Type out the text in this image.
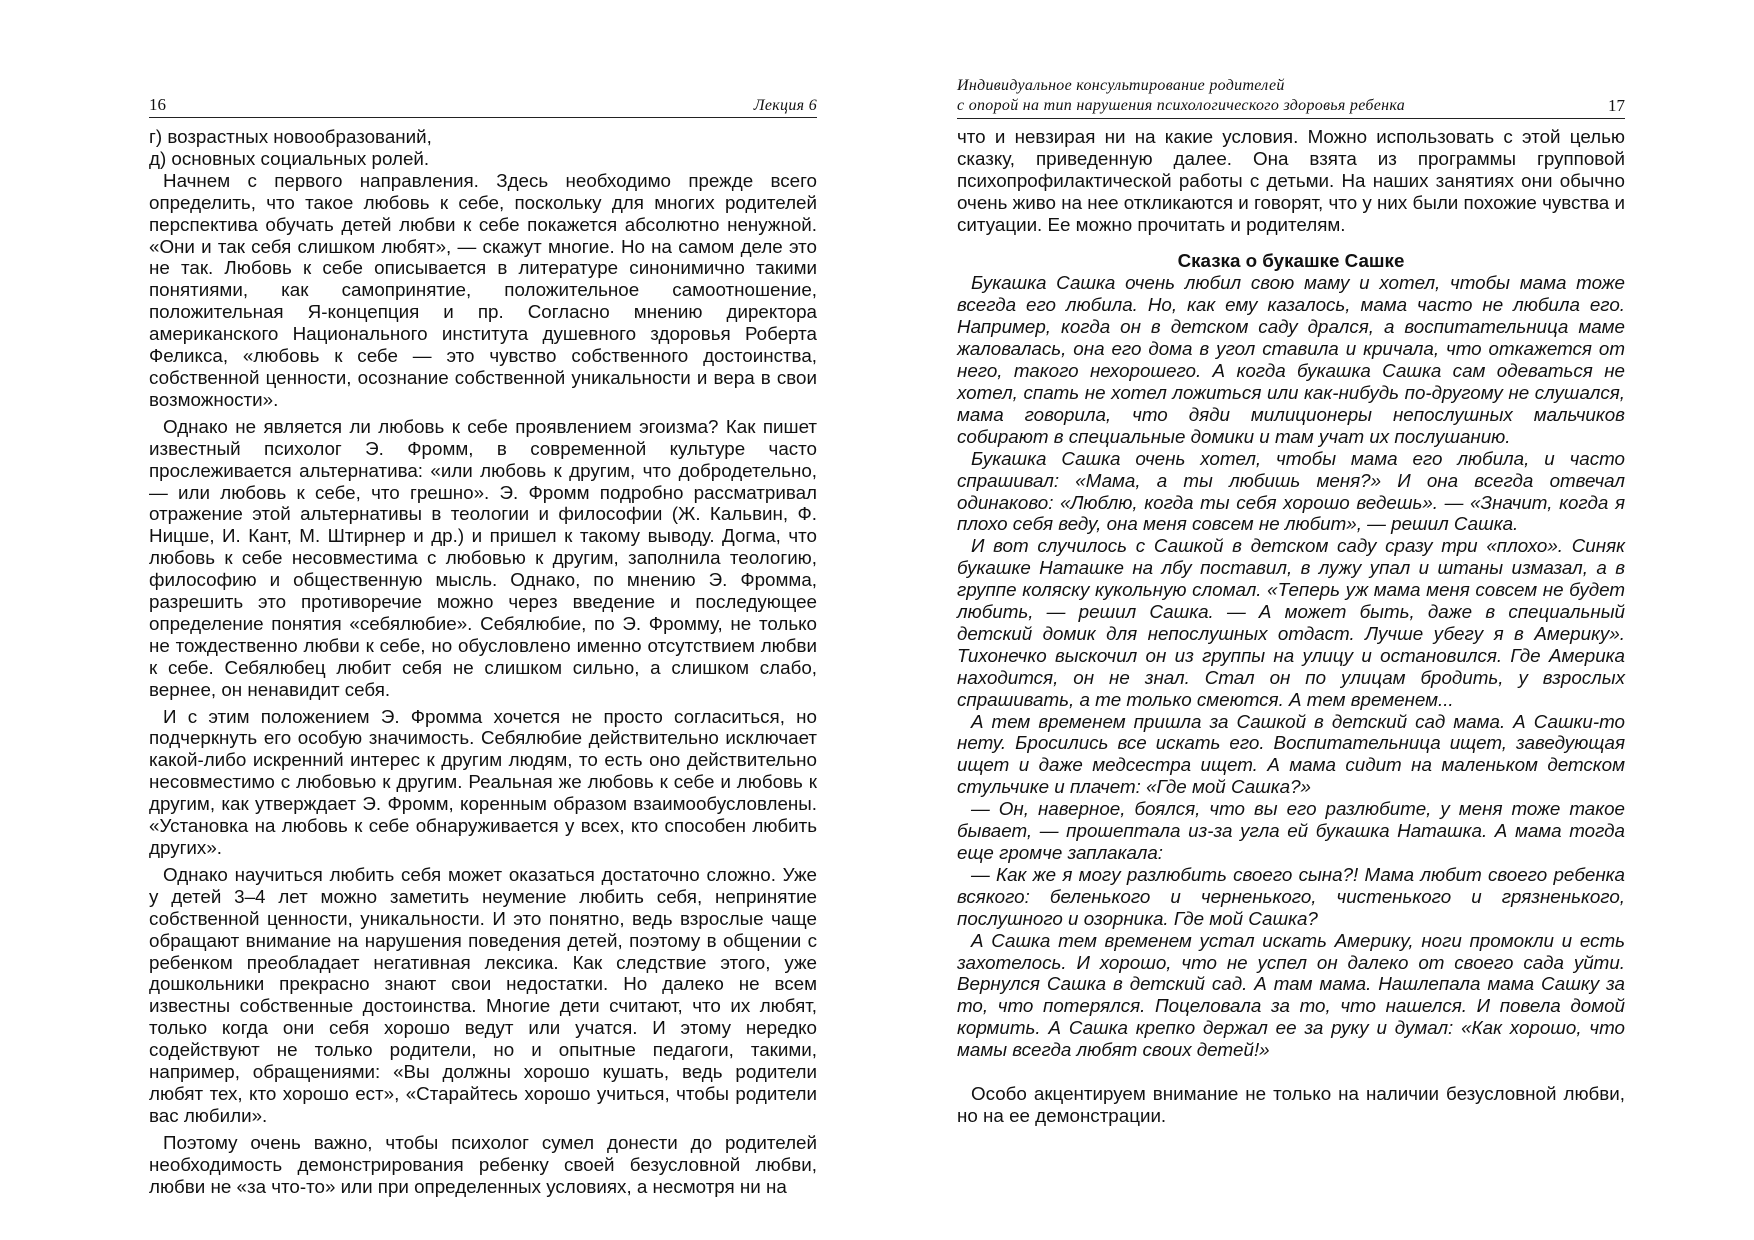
16	Лекция 6

г) возрастных новообразований,

д) основных социальных ролей.

Начнем с первого направления. Здесь необходимо прежде всего определить, что такое любовь к себе, поскольку для многих родителей перспектива обучать детей любви к себе покажется абсолютно ненужной. «Они и так себя слишком любят», — скажут многие. Но на самом деле это не так. Любовь к себе описывается в литературе синонимично такими понятиями, как самопринятие, положительное самоотношение, положительная Я-концепция и пр. Согласно мнению директора американского Национального института душевного здоровья Роберта Феликса, «любовь к себе — это чувство собственного достоинства, собственной ценности, осознание собственной уникальности и вера в свои возможности».

Однако не является ли любовь к себе проявлением эгоизма? Как пишет известный психолог Э. Фромм, в современной культуре часто прослеживается альтернатива: «или любовь к другим, что добродетельно, — или любовь к себе, что грешно». Э. Фромм подробно рассматривал отражение этой альтернативы в теологии и философии (Ж. Кальвин, Ф. Ницше, И. Кант, М. Штирнер и др.) и пришел к такому выводу. Догма, что любовь к себе несовместима с любовью к другим, заполнила теологию, философию и общественную мысль. Однако, по мнению Э. Фромма, разрешить это противоречие можно через введение и последующее определение понятия «себялюбие». Себялюбие, по Э. Фромму, не только не тождественно любви к себе, но обусловлено именно отсутствием любви к себе. Себялюбец любит себя не слишком сильно, а слишком слабо, вернее, он ненавидит себя.

И с этим положением Э. Фромма хочется не просто согласиться, но подчеркнуть его особую значимость. Себялюбие действительно исключает какой-либо искренний интерес к другим людям, то есть оно действительно несовместимо с любовью к другим. Реальная же любовь к себе и любовь к другим, как утверждает Э. Фромм, коренным образом взаимообусловлены. «Установка на любовь к себе обнаруживается у всех, кто способен любить других».

Однако научиться любить себя может оказаться достаточно сложно. Уже у детей 3–4 лет можно заметить неумение любить себя, непринятие собственной ценности, уникальности. И это понятно, ведь взрослые чаще обращают внимание на нарушения поведения детей, поэтому в общении с ребенком преобладает негативная лексика. Как следствие этого, уже дошкольники прекрасно знают свои недостатки. Но далеко не всем известны собственные достоинства. Многие дети считают, что их любят, только когда они себя хорошо ведут или учатся. И этому нередко содействуют не только родители, но и опытные педагоги, такими, например, обращениями: «Вы должны хорошо кушать, ведь родители любят тех, кто хорошо ест», «Старайтесь хорошо учиться, чтобы родители вас любили».

Поэтому очень важно, чтобы психолог сумел донести до родителей необходимость демонстрирования ребенку своей безусловной любви, любви не «за что-то» или при определенных условиях, а несмотря ни на

Индивидуальное консультирование родителей
с опорой на тип нарушения психологического здоровья ребенка	17

что и невзирая ни на какие условия. Можно использовать с этой целью сказку, приведенную далее. Она взята из программы групповой психопрофилактической работы с детьми. На наших занятиях они обычно очень живо на нее откликаются и говорят, что у них были похожие чувства и ситуации. Ее можно прочитать и родителям.

Сказка о букашке Сашке

Букашка Сашка очень любил свою маму и хотел, чтобы мама тоже всегда его любила. Но, как ему казалось, мама часто не любила его. Например, когда он в детском саду дрался, а воспитательница маме жаловалась, она его дома в угол ставила и кричала, что откажется от него, такого нехорошего. А когда букашка Сашка сам одеваться не хотел, спать не хотел ложиться или как-нибудь по-другому не слушался, мама говорила, что дяди милиционеры непослушных мальчиков собирают в специальные домики и там учат их послушанию.

Букашка Сашка очень хотел, чтобы мама его любила, и часто спрашивал: «Мама, а ты любишь меня?» И она всегда отвечал одинаково: «Люблю, когда ты себя хорошо ведешь». — «Значит, когда я плохо себя веду, она меня совсем не любит», — решил Сашка.

И вот случилось с Сашкой в детском саду сразу три «плохо». Синяк букашке Наташке на лбу поставил, в лужу упал и штаны измазал, а в группе коляску кукольную сломал. «Теперь уж мама меня совсем не будет любить, — решил Сашка. — А может быть, даже в специальный детский домик для непослушных отдаст. Лучше убегу я в Америку». Тихонечко выскочил он из группы на улицу и остановился. Где Америка находится, он не знал. Стал он по улицам бродить, у взрослых спрашивать, а те только смеются. А тем временем...

А тем временем пришла за Сашкой в детский сад мама. А Сашки-то нету. Бросились все искать его. Воспитательница ищет, заведующая ищет и даже медсестра ищет. А мама сидит на маленьком детском стульчике и плачет: «Где мой Сашка?»

— Он, наверное, боялся, что вы его разлюбите, у меня тоже такое бывает, — прошептала из-за угла ей букашка Наташка. А мама тогда еще громче заплакала:

— Как же я могу разлюбить своего сына?! Мама любит своего ребенка всякого: беленького и черненького, чистенького и грязненького, послушного и озорника. Где мой Сашка?

А Сашка тем временем устал искать Америку, ноги промокли и есть захотелось. И хорошо, что не успел он далеко от своего сада уйти. Вернулся Сашка в детский сад. А там мама. Нашлепала мама Сашку за то, что потерялся. Поцеловала за то, что нашелся. И повела домой кормить. А Сашка крепко держал ее за руку и думал: «Как хорошо, что мамы всегда любят своих детей!»

Особо акцентируем внимание не только на наличии безусловной любви, но на ее демонстрации.
